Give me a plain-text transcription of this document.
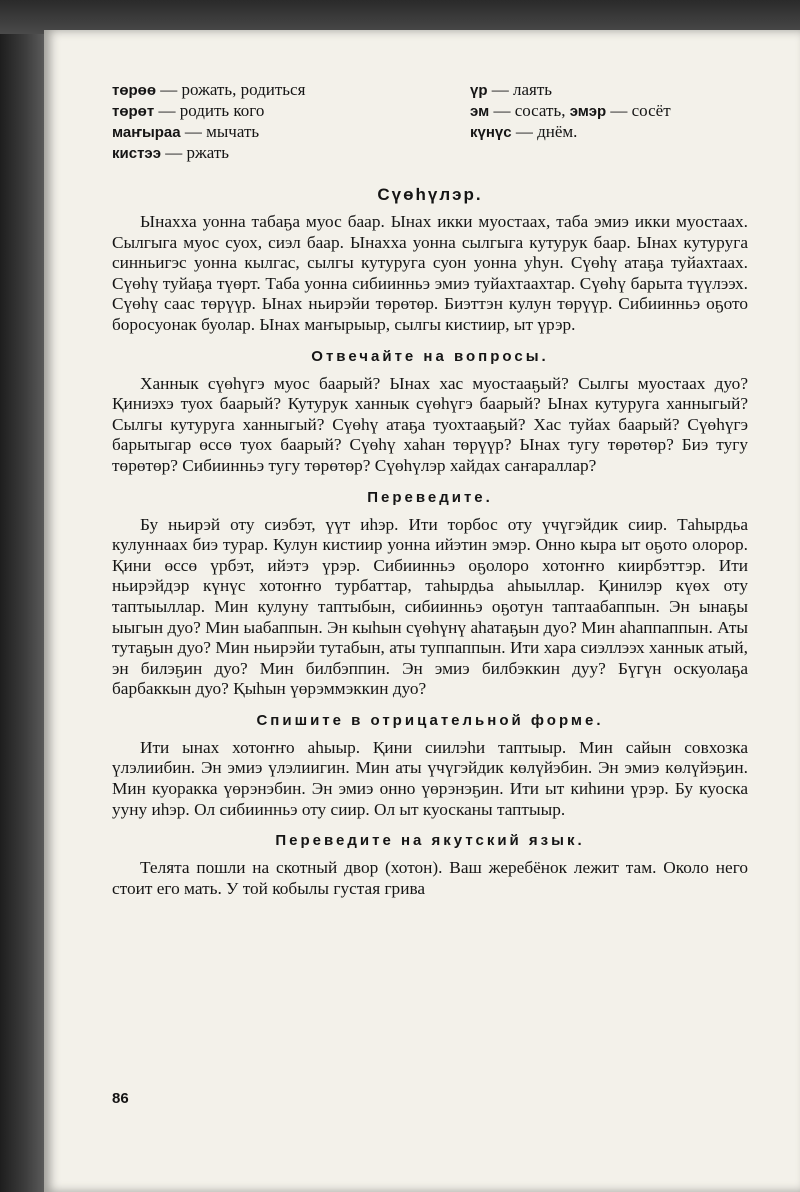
төрөө — рожать, родиться
төрөт — родить кого
маҥыраа — мычать
кистээ — ржать
үр — лаять
эм — сосать, эмэр — сосёт
күнүс — днём.
Сүөһүлэр.

Ынахха уонна табаҕа муос баар. Ынах икки муостаах, таба эмиэ икки муостаах. Сылгыга муос суох, сиэл баар. Ынахха уонна сылгыга кутурук баар. Ынах кутуруга синньигэс уонна кылгас, сылгы кутуруга суон уонна уһун. Сүөһү атаҕа туйахтаах. Сүөһү туйаҕа түөрт. Таба уонна сибиинньэ эмиэ туйахтаахтар. Сүөһү барыта түүлээх. Сүөһү саас төрүүр. Ынах ньирэйи төрөтөр. Биэттэн кулун төрүүр. Сибиинньэ оҕото боросуонак буолар. Ынах маҥырыыр, сылгы кистиир, ыт үрэр.

Отвечайте на вопросы.

Ханнык сүөһүгэ муос баарый? Ынах хас муостааҕый? Сылгы муостаах дуо? Қиниэхэ туох баарый? Кутурук ханнык сүөһүгэ баарый? Ынах кутуруга ханныгый? Сылгы кутуруга ханныгый? Сүөһү атаҕа туохтааҕый? Хас туйах баарый? Сүөһүгэ барытыгар өссө туох баарый? Сүөһү хаһан төрүүр? Ынах тугу төрөтөр? Биэ тугу төрөтөр? Сибиинньэ тугу төрөтөр? Сүөһүлэр хайдах саҥараллар?

Переведите.

Бу ньирэй оту сиэбэт, үүт иһэр. Ити торбос оту үчүгэйдик сиир. Таһырдьа кулуннаах биэ турар. Кулун кистиир уонна ийэтин эмэр. Онно кыра ыт оҕото олорор. Қини өссө үрбэт, ийэтэ үрэр. Сибиинньэ оҕолоро хотоҥҥо киирбэттэр. Ити ньирэйдэр күнүс хотоҥҥо турбаттар, таһырдьа аһыыллар. Қинилэр күөх оту таптыыллар. Мин кулуну таптыбын, сибиинньэ оҕотун таптаабаппын. Эн ынаҕы ыыгын дуо? Мин ыабаппын. Эн кыһын сүөһүнү аһатаҕын дуо? Мин аһаппаппын. Аты тутаҕын дуо? Мин ньирэйи тутабын, аты туппаппын. Ити хара сиэллээх ханнык атый, эн билэҕин дуо? Мин билбэппин. Эн эмиэ билбэккин дуу? Бүгүн оскуолаҕа барбаккын дуо? Қыһын үөрэммэккин дуо?

Спишите в отрицательной форме.

Ити ынах хотоҥҥо аһыыр. Қини сиилэһи таптыыр. Мин сайын совхозка үлэлиибин. Эн эмиэ үлэлиигин. Мин аты үчүгэйдик көлүйэбин. Эн эмиэ көлүйэҕин. Мин куоракка үөрэнэбин. Эн эмиэ онно үөрэнэҕин. Ити ыт киһини үрэр. Бу куоска ууну иһэр. Ол сибиинньэ оту сиир. Ол ыт куосканы таптыыр.

Переведите на якутский язык.

Телята пошли на скотный двор (хотон). Ваш жеребёнок лежит там. Около него стоит его мать. У той кобылы густая грива

86
